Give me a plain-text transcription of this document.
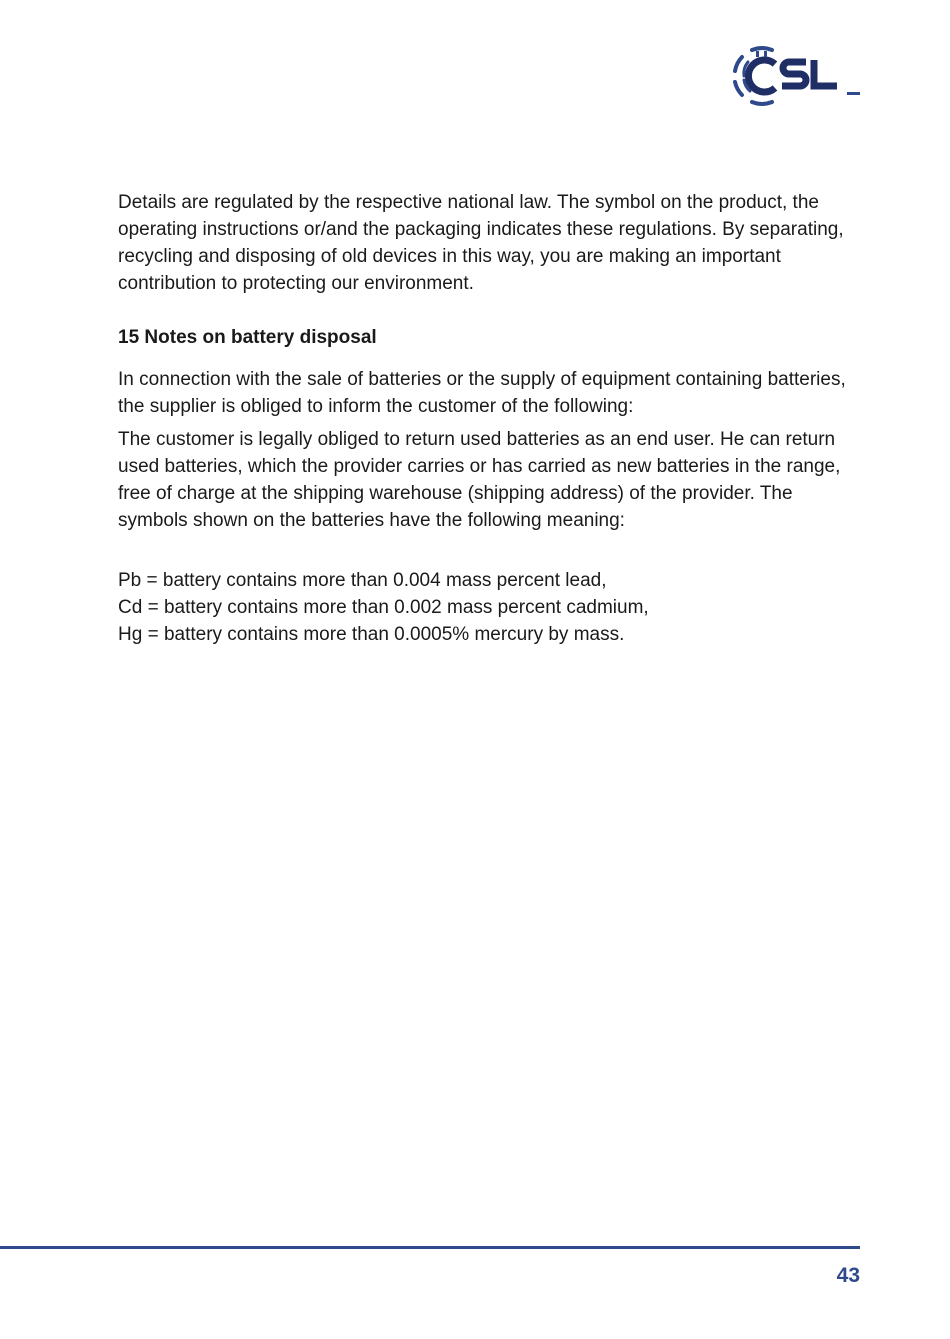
Details are regulated by the respective national law. The symbol on the product, the operating instructions or/and the packaging indicates these regulations. By separating, recycling and disposing of old devices in this way, you are making an important contribution to protecting our environment.

15 Notes on battery disposal

In connection with the sale of batteries or the supply of equipment containing batteries, the supplier is obliged to inform the customer of the following:

The customer is legally obliged to return used batteries as an end user. He can return used batteries, which the provider carries or has carried as new batteries in the range, free of charge at the shipping warehouse (shipping address) of the provider. The symbols shown on the batteries have the following meaning:

Pb = battery contains more than 0.004 mass percent lead,
Cd = battery contains more than 0.002 mass percent cadmium,
Hg = battery contains more than 0.0005% mercury by mass.
43
